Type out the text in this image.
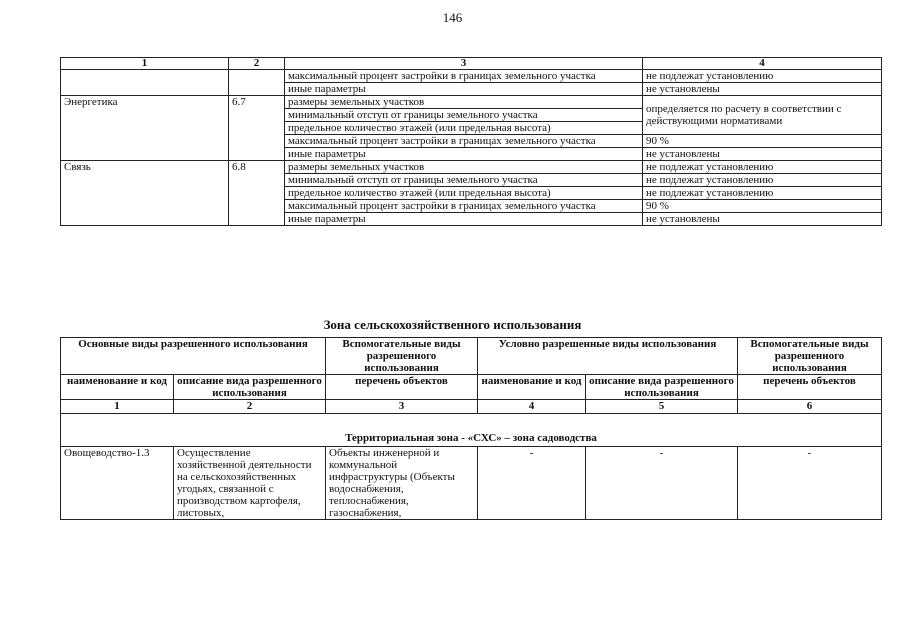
146
1	2	3	4
		максимальный процент застройки в границах земельного участка	не подлежат установлению
		иные параметры	не установлены
Энергетика	6.7	размеры земельных участков	определяется по расчету в соответствии с действующими нормативами
		минимальный отступ от границы земельного участка	
		предельное количество этажей (или предельная высота)	
		максимальный процент застройки в границах земельного участка	90 %
		иные параметры	не установлены
Связь	6.8	размеры земельных участков	не подлежат установлению
		минимальный отступ от границы земельного участка	не подлежат установлению
		предельное количество этажей (или предельная высота)	не подлежат установлению
		максимальный процент застройки в границах земельного участка	90 %
		иные параметры	не установлены
Зона сельскохозяйственного использования
Основные виды разрешенного использования		Вспомогательные виды разрешенного использования	Условно разрешенные виды использования		Вспомогательные виды разрешенного использования
наименование и код	описание вида разрешенного использования	перечень объектов	наименование и код	описание вида разрешенного использования	перечень объектов
1	2	3	4	5	6
Территориальная зона - «СХС» – зона садоводства					
Овощеводство-1.3	Осуществление хозяйственной деятельности на сельскохозяйственных угодьях, связанной с производством картофеля, листовых,	Объекты инженерной и коммунальной инфраструктуры (Объекты водоснабжения, теплоснабжения, газоснабжения,	-	-	-
